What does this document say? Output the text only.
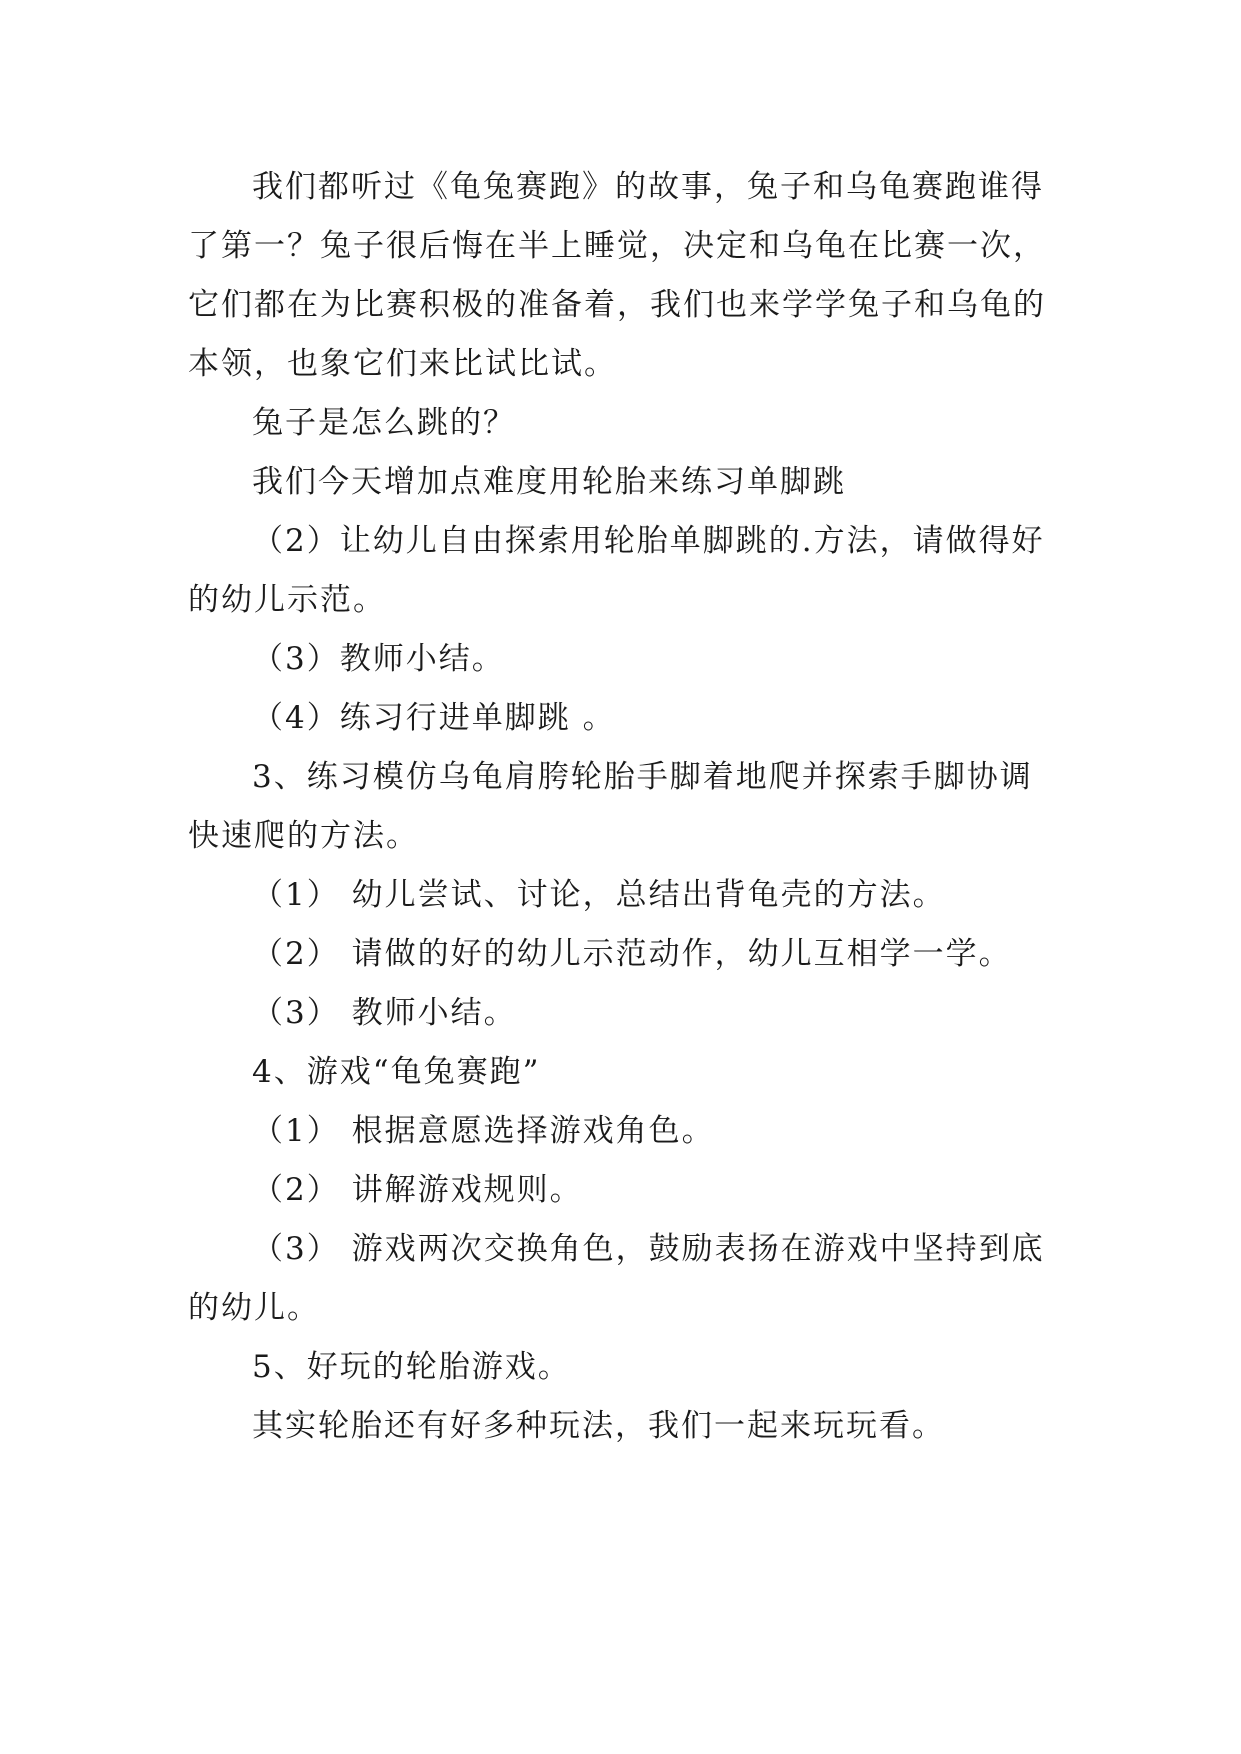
我们都听过《龟兔赛跑》的故事，兔子和乌龟赛跑谁得了第一？兔子很后悔在半上睡觉，决定和乌龟在比赛一次，它们都在为比赛积极的准备着，我们也来学学兔子和乌龟的本领，也象它们来比试比试。

兔子是怎么跳的？

我们今天增加点难度用轮胎来练习单脚跳

（2）让幼儿自由探索用轮胎单脚跳的.方法，请做得好的幼儿示范。

（3）教师小结。

（4）练习行进单脚跳 。

3、练习模仿乌龟肩胯轮胎手脚着地爬并探索手脚协调快速爬的方法。

（1） 幼儿尝试、讨论，总结出背龟壳的方法。

（2） 请做的好的幼儿示范动作，幼儿互相学一学。

（3） 教师小结。

4、游戏“龟兔赛跑”

（1） 根据意愿选择游戏角色。

（2） 讲解游戏规则。

（3） 游戏两次交换角色，鼓励表扬在游戏中坚持到底的幼儿。

5、好玩的轮胎游戏。

其实轮胎还有好多种玩法，我们一起来玩玩看。
